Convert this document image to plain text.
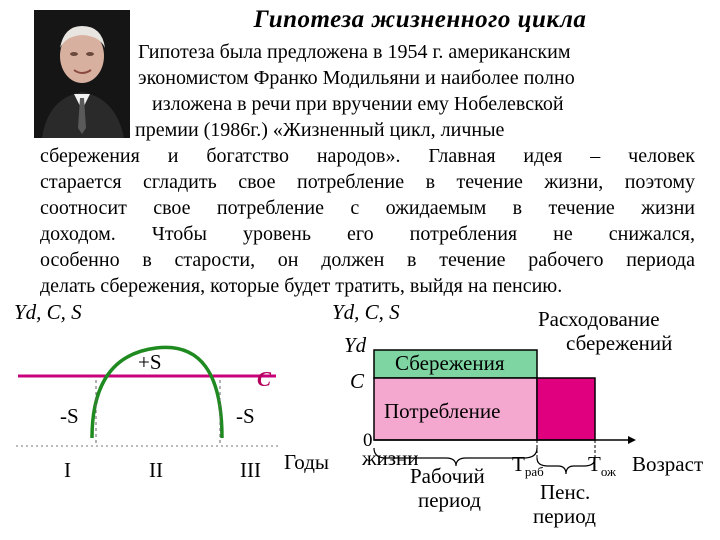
Гипотеза жизненного цикла
Гипотеза была предложена в 1954 г. американским
экономистом Франко Модильяни и наиболее полно
изложена в речи при вручении ему Нобелевской
премии (1986г.) «Жизненный цикл, личные
сбережения и богатство народов». Главная идея – человек
старается сгладить свое потребление в течение жизни, поэтому
соотносит свое потребление с ожидаемым в течение жизни
доходом. Чтобы уровень его потребления не снижался,
особенно в старости, он должен в течение рабочего периода
делать сбережения, которые будет тратить, выйдя на пенсию.
Yd, C, S
+S
C
-S	-S
I	II	III Годы
Yd, C, S
Yd
C
Сбережения
Потребление
Расходование
сбережений
0
жизни
Рабочий
период
$T_{раб}$ $T_{ож}$ Возраст
Пенс.
период
